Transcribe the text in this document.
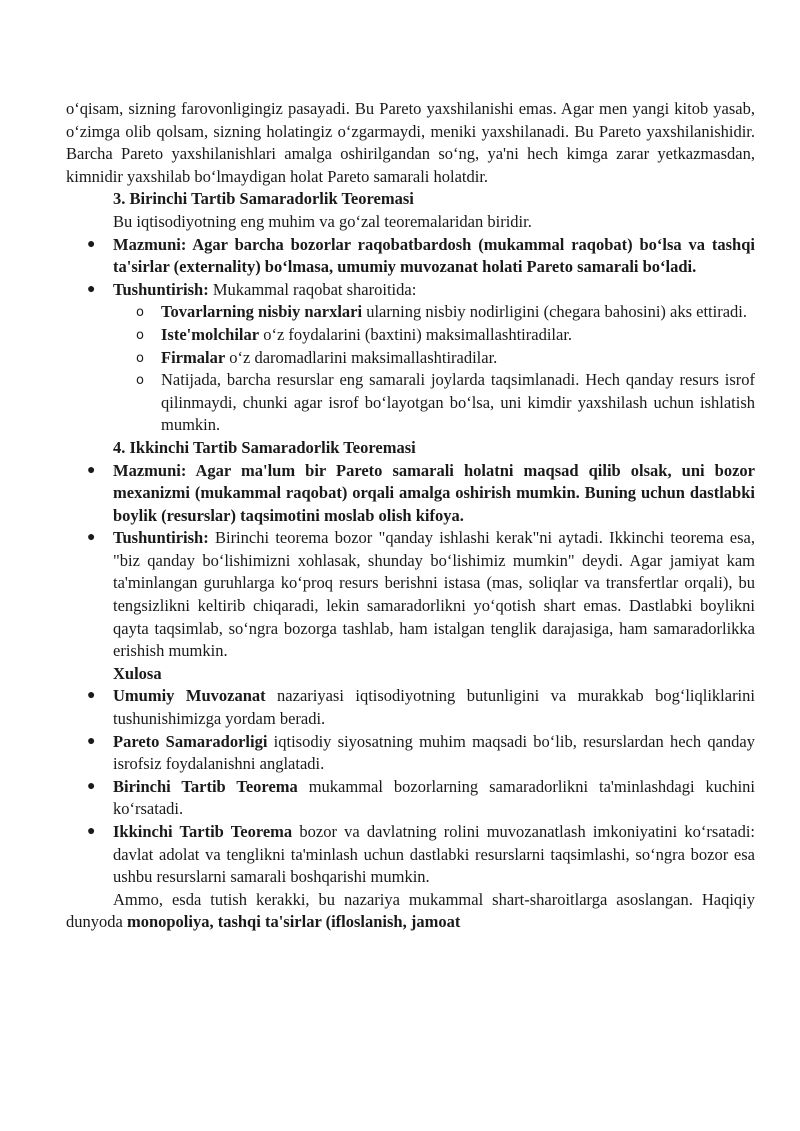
o‘qisam, sizning farovonligingiz pasayadi. Bu Pareto yaxshilanishi emas. Agar men yangi kitob yasab, o‘zimga olib qolsam, sizning holatingiz o‘zgarmaydi, meniki yaxshilanadi. Bu Pareto yaxshilanishidir. Barcha Pareto yaxshilanishlari amalga oshirilgandan so‘ng, ya'ni hech kimga zarar yetkazmasdan, kimnidir yaxshilab bo‘lmaydigan holat Pareto samarali holatdir.

3. Birinchi Tartib Samaradorlik Teoremasi

Bu iqtisodiyotning eng muhim va go‘zal teoremalaridan biridir.

● Mazmuni: Agar barcha bozorlar raqobatbardosh (mukammal raqobat) bo‘lsa va tashqi ta'sirlar (externality) bo‘lmasa, umumiy muvozanat holati Pareto samarali bo‘ladi.
● Tushuntirish: Mukammal raqobat sharoitida:
o Tovarlarning nisbiy narxlari ularning nisbiy nodirligini (chegara bahosini) aks ettiradi.
o Iste'molchilar o‘z foydalarini (baxtini) maksimallashtiradilar.
o Firmalar o‘z daromadlarini maksimallashtiradilar.
o Natijada, barcha resurslar eng samarali joylarda taqsimlanadi. Hech qanday resurs isrof qilinmaydi, chunki agar isrof bo‘layotgan bo‘lsa, uni kimdir yaxshilash uchun ishlatish mumkin.

4. Ikkinchi Tartib Samaradorlik Teoremasi

● Mazmuni: Agar ma'lum bir Pareto samarali holatni maqsad qilib olsak, uni bozor mexanizmi (mukammal raqobat) orqali amalga oshirish mumkin. Buning uchun dastlabki boylik (resurslar) taqsimotini moslab olish kifoya.
● Tushuntirish: Birinchi teorema bozor "qanday ishlashi kerak"ni aytadi. Ikkinchi teorema esa, "biz qanday bo‘lishimizni xohlasak, shunday bo‘lishimiz mumkin" deydi. Agar jamiyat kam ta'minlangan guruhlarga ko‘proq resurs berishni istasa (mas, soliqlar va transfertlar orqali), bu tengsizlikni keltirib chiqaradi, lekin samaradorlikni yo‘qotish shart emas. Dastlabki boylikni qayta taqsimlab, so‘ngra bozorga tashlab, ham istalgan tenglik darajasiga, ham samaradorlikka erishish mumkin.

Xulosa

● Umumiy Muvozanat nazariyasi iqtisodiyotning butunligini va murakkab bog‘liqliklarini tushunishimizga yordam beradi.
● Pareto Samaradorligi iqtisodiy siyosatning muhim maqsadi bo‘lib, resurslardan hech qanday isrofsiz foydalanishni anglatadi.
● Birinchi Tartib Teorema mukammal bozorlarning samaradorlikni ta'minlashdagi kuchini ko‘rsatadi.
● Ikkinchi Tartib Teorema bozor va davlatning rolini muvozanatlash imkoniyatini ko‘rsatadi: davlat adolat va tenglikni ta'minlash uchun dastlabki resurslarni taqsimlashi, so‘ngra bozor esa ushbu resurslarni samarali boshqarishi mumkin.

Ammo, esda tutish kerakki, bu nazariya mukammal shart-sharoitlarga asoslangan. Haqiqiy dunyoda monopoliya, tashqi ta'sirlar (ifloslanish, jamoat
